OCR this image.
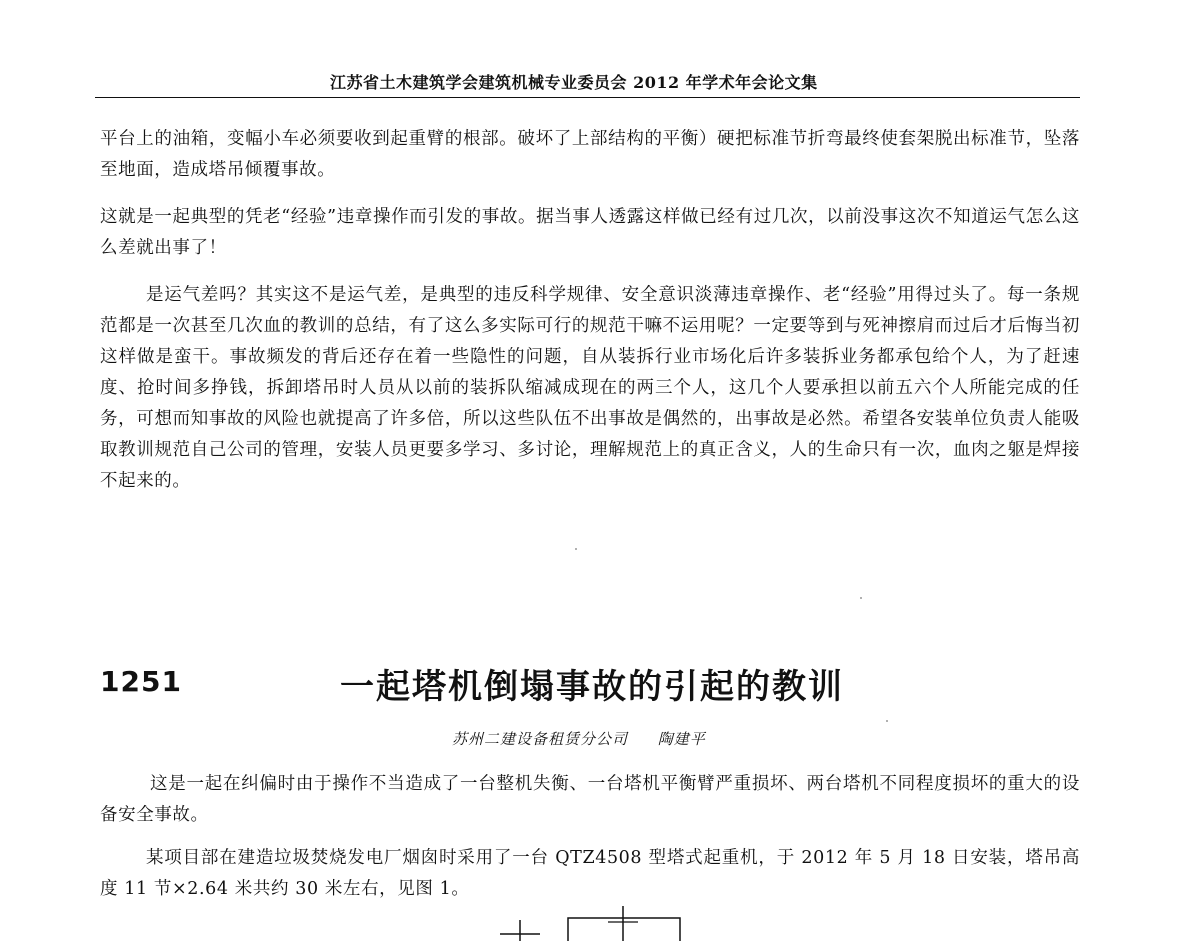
江苏省土木建筑学会建筑机械专业委员会 2012 年学术年会论文集

平台上的油箱，变幅小车必须要收到起重臂的根部。破坏了上部结构的平衡）硬把标准节折弯最终使套架脱出标准节，坠落至地面，造成塔吊倾覆事故。

这就是一起典型的凭老“经验”违章操作而引发的事故。据当事人透露这样做已经有过几次，以前没事这次不知道运气怎么这么差就出事了！

是运气差吗？其实这不是运气差，是典型的违反科学规律、安全意识淡薄违章操作、老“经验”用得过头了。每一条规范都是一次甚至几次血的教训的总结，有了这么多实际可行的规范干嘛不运用呢？一定要等到与死神擦肩而过后才后悔当初这样做是蛮干。事故频发的背后还存在着一些隐性的问题，自从装拆行业市场化后许多装拆业务都承包给个人，为了赶速度、抢时间多挣钱，拆卸塔吊时人员从以前的装拆队缩减成现在的两三个人，这几个人要承担以前五六个人所能完成的任务，可想而知事故的风险也就提高了许多倍，所以这些队伍不出事故是偶然的，出事故是必然。希望各安装单位负责人能吸取教训规范自己公司的管理，安装人员更要多学习、多讨论，理解规范上的真正含义，人的生命只有一次，血肉之躯是焊接不起来的。

1251	一起塔机倒塌事故的引起的教训
苏州二建设备租赁分公司 陶建平

这是一起在纠偏时由于操作不当造成了一台整机失衡、一台塔机平衡臂严重损坏、两台塔机不同程度损坏的重大的设备安全事故。

某项目部在建造垃圾焚烧发电厂烟囱时采用了一台 QTZ4508 型塔式起重机，于 2012 年 5 月 18 日安装，塔吊高度 11 节×2.64 米共约 30 米左右，见图 1。
